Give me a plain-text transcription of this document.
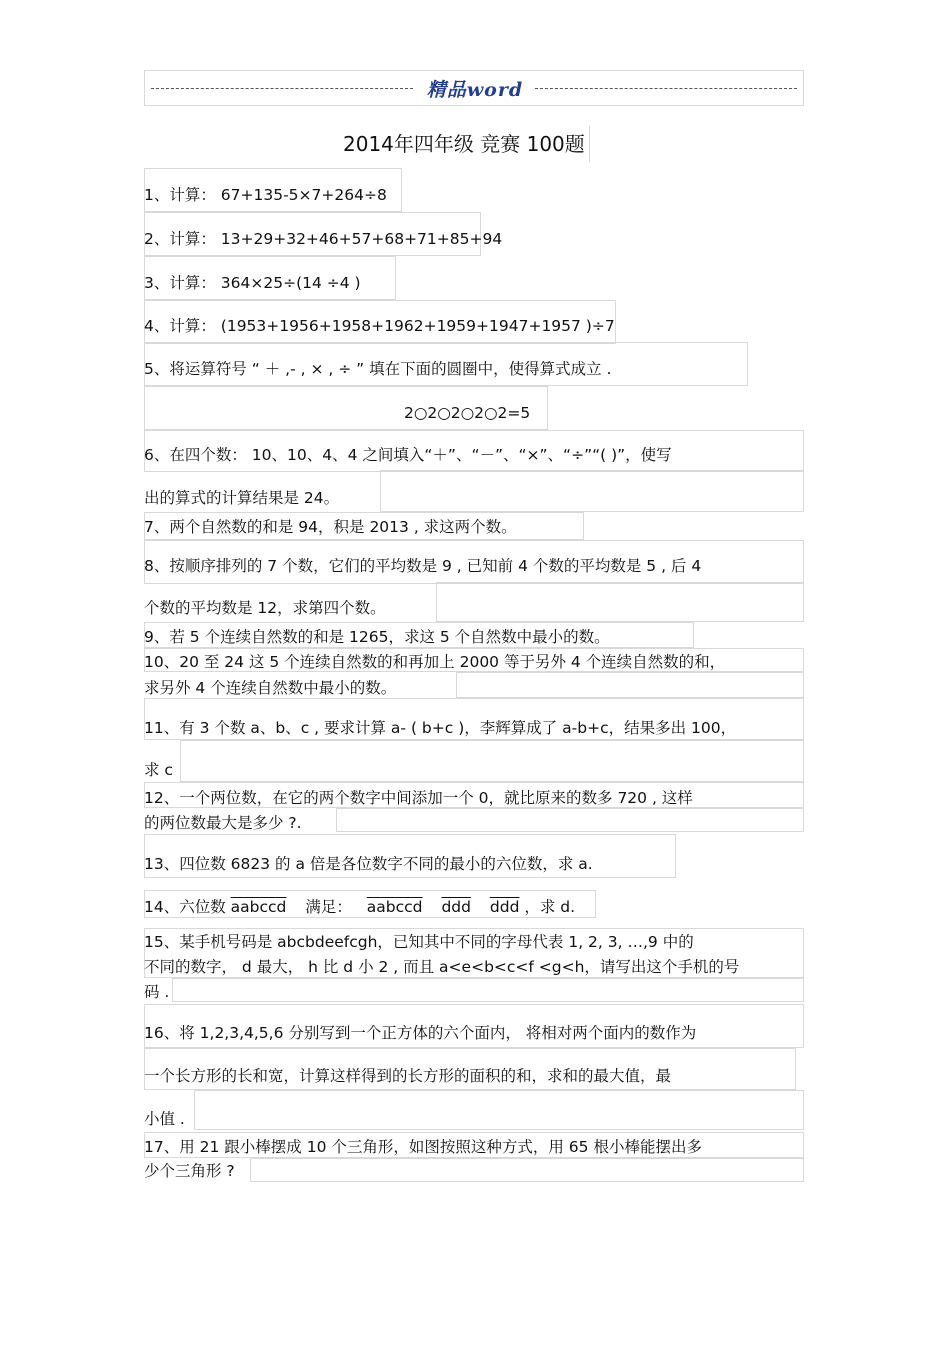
精品word
2014年四年级 竞赛 100题
1、计算： 67+135-5×7+264÷8
2、计算： 13+29+32+46+57+68+71+85+94
3、计算： 364×25÷(14 ÷4 )
4、计算： (1953+1956+1958+1962+1959+1947+1957 )÷7
5、将运算符号 “ ＋ ,- , × , ÷ ” 填在下面的圆圈中，使得算式成立 .
2○2○2○2○2=5
6、在四个数： 10、10、4、4 之间填入“＋”、“－”、“×”、“÷”“( )”，使写
出的算式的计算结果是 24。
7、两个自然数的和是 94，积是 2013 , 求这两个数。
8、按顺序排列的 7 个数，它们的平均数是 9 , 已知前 4 个数的平均数是 5 , 后 4
个数的平均数是 12，求第四个数。
9、若 5 个连续自然数的和是 1265，求这 5 个自然数中最小的数。
10、20 至 24 这 5 个连续自然数的和再加上 2000 等于另外 4 个连续自然数的和，
求另外 4 个连续自然数中最小的数。
11、有 3 个数 a、b、c , 要求计算 a- ( b+c )，李辉算成了 a-b+c，结果多出 100，
求 c
12、一个两位数，在它的两个数字中间添加一个 0，就比原来的数多 720 , 这样
的两位数最大是多少 ?.
13、四位数 6823 的 a 倍是各位数字不同的最小的六位数，求 a.
14、六位数 aabccd 满足： aabccd $\overline{ddd}$ $\overline{ddd}$ ，求 d.
15、某手机号码是 abcbdeefcgh，已知其中不同的字母代表 1, 2, 3, …,9 中的
不同的数字， d 最大， h 比 d 小 2 , 而且 a<e<b<c<f <g<h，请写出这个手机的号
码 .
16、将 1,2,3,4,5,6 分别写到一个正方体的六个面内， 将相对两个面内的数作为
一个长方形的长和宽，计算这样得到的长方形的面积的和，求和的最大值，最
小值 .
17、用 21 跟小棒摆成 10 个三角形，如图按照这种方式，用 65 根小棒能摆出多
少个三角形 ?
